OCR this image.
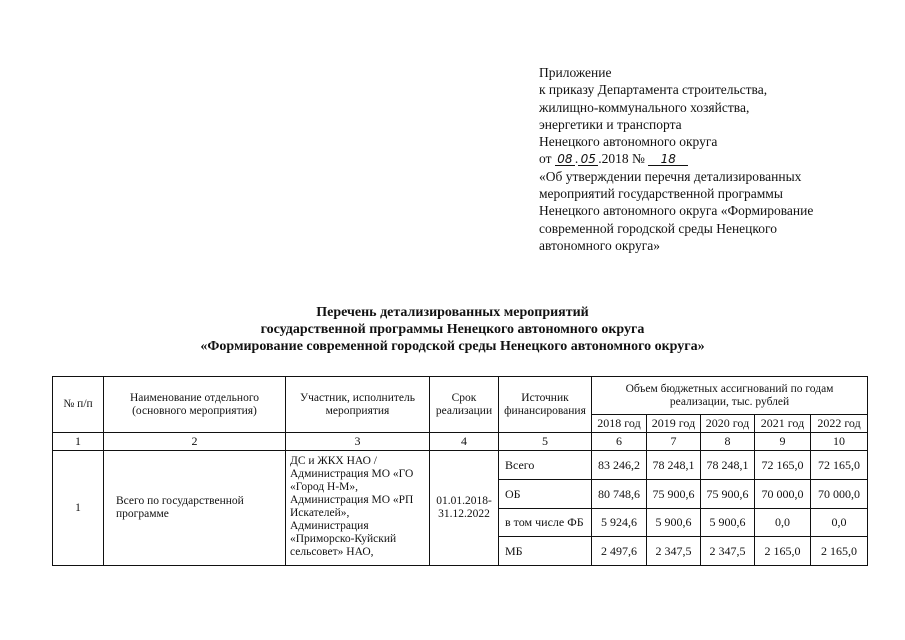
Приложение
к приказу Департамента строительства,
жилищно-коммунального хозяйства,
энергетики и транспорта
Ненецкого автономного округа
от 08 . 05 .2018 № 18
«Об утверждении перечня детализированных
мероприятий государственной программы
Ненецкого автономного округа «Формирование
современной городской среды Ненецкого
автономного округа»
Перечень детализированных мероприятий
государственной программы Ненецкого автономного округа
«Формирование современной городской среды Ненецкого автономного округа»
№ п/п	Наименование отдельного (основного мероприятия)	Участник, исполнитель мероприятия	Срок реализации	Источник финансирования	Объем бюджетных ассигнований по годам реализации, тыс. рублей				
					2018 год	2019 год	2020 год	2021 год	2022 год
1	2	3	4	5	6	7	8	9	10
1	Всего по государственной программе	ДС и ЖКХ НАО / Администрация МО «ГО «Город Н-М», Администрация МО «РП Искателей», Администрация «Приморско-Куйский сельсовет» НАО,	01.01.2018-31.12.2022	Всего	83 246,2	78 248,1	78 248,1	72 165,0	72 165,0
				ОБ	80 748,6	75 900,6	75 900,6	70 000,0	70 000,0
				в том числе ФБ	5 924,6	5 900,6	5 900,6	0,0	0,0
				МБ	2 497,6	2 347,5	2 347,5	2 165,0	2 165,0
